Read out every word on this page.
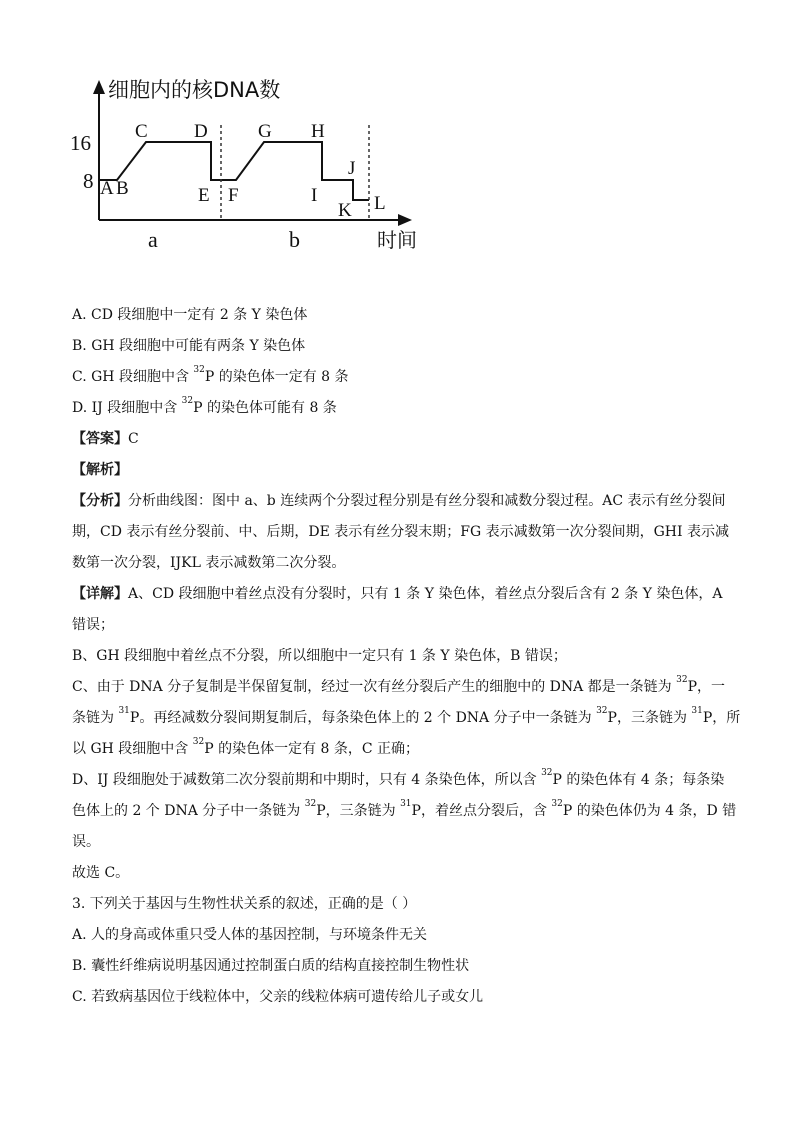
细胞内的核DNA数
16
8 A B
C D
E F
G H
I
J
K L
a	b	时间
A. CD 段细胞中一定有 2 条 Y 染色体
B. GH 段细胞中可能有两条 Y 染色体
C. GH 段细胞中含 $^{32}$P 的染色体一定有 8 条
D. IJ 段细胞中含 $^{32}$P 的染色体可能有 8 条
【答案】C
【解析】
【分析】分析曲线图：图中 a、b 连续两个分裂过程分别是有丝分裂和减数分裂过程。AC 表示有丝分裂间
期，CD 表示有丝分裂前、中、后期，DE 表示有丝分裂末期；FG 表示减数第一次分裂间期，GHI 表示减
数第一次分裂，IJKL 表示减数第二次分裂。
【详解】A、CD 段细胞中着丝点没有分裂时，只有 1 条 Y 染色体，着丝点分裂后含有 2 条 Y 染色体，A
错误；
B、GH 段细胞中着丝点不分裂，所以细胞中一定只有 1 条 Y 染色体，B 错误；
C、由于 DNA 分子复制是半保留复制，经过一次有丝分裂后产生的细胞中的 DNA 都是一条链为 $^{32}$P，一
条链为 $^{31}$P。再经减数分裂间期复制后，每条染色体上的 2 个 DNA 分子中一条链为 $^{32}$P，三条链为 $^{31}$P，所
以 GH 段细胞中含 $^{32}$P 的染色体一定有 8 条，C 正确；
D、IJ 段细胞处于减数第二次分裂前期和中期时，只有 4 条染色体，所以含 $^{32}$P 的染色体有 4 条；每条染
色体上的 2 个 DNA 分子中一条链为 $^{32}$P，三条链为 $^{31}$P，着丝点分裂后，含 $^{32}$P 的染色体仍为 4 条，D 错
误。
故选 C。
3. 下列关于基因与生物性状关系的叙述，正确的是（ ）
A. 人的身高或体重只受人体的基因控制，与环境条件无关
B. 囊性纤维病说明基因通过控制蛋白质的结构直接控制生物性状
C. 若致病基因位于线粒体中，父亲的线粒体病可遗传给儿子或女儿
